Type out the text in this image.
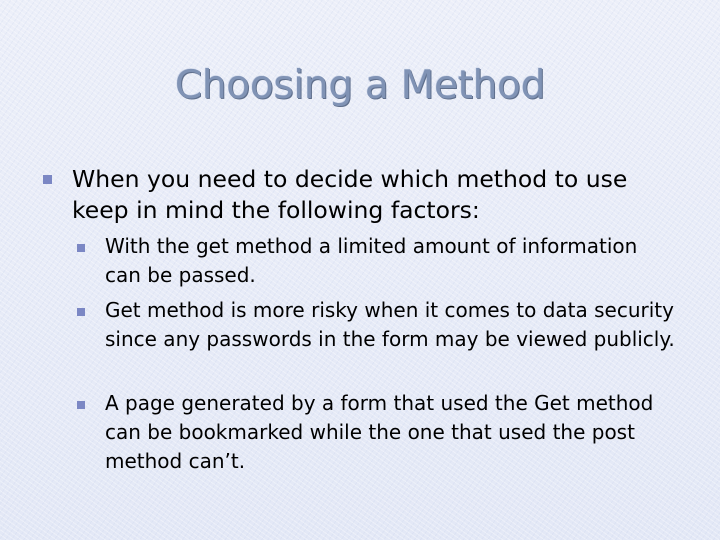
Choosing a Method
When you need to decide which method to use keep in mind the following factors:
With the get method a limited amount of information can be passed.
Get method is more risky when it comes to data security since any passwords in the form may be viewed publicly.
A page generated by a form that used the Get method can be bookmarked while the one that used the post method can’t.
